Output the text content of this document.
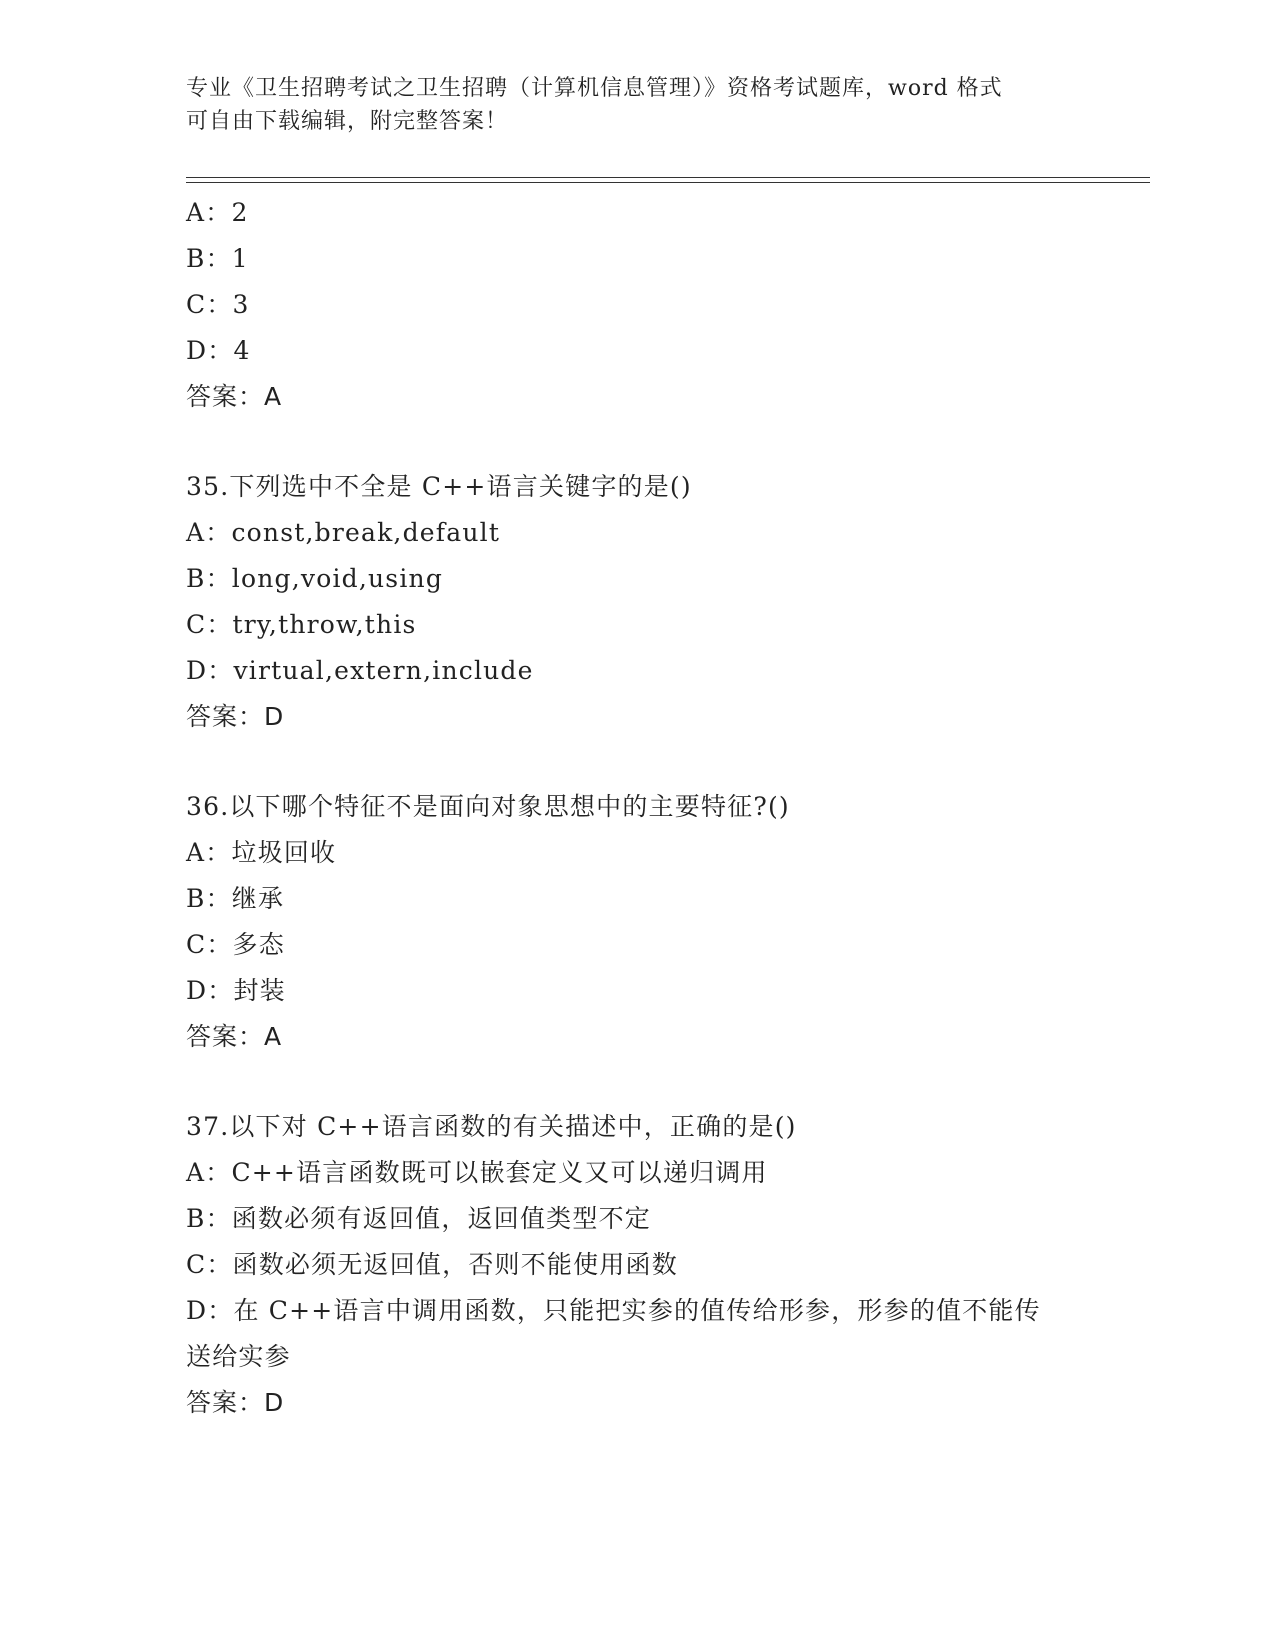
专业《卫生招聘考试之卫生招聘（计算机信息管理）》资格考试题库，word 格式
可自由下载编辑，附完整答案！
A：2
B：1
C：3
D：4
答案：A
35.下列选中不全是 C++语言关键字的是()
A：const,break,default
B：long,void,using
C：try,throw,this
D：virtual,extern,include
答案：D
36.以下哪个特征不是面向对象思想中的主要特征?()
A：垃圾回收
B：继承
C：多态
D：封装
答案：A
37.以下对 C++语言函数的有关描述中，正确的是()
A：C++语言函数既可以嵌套定义又可以递归调用
B：函数必须有返回值，返回值类型不定
C：函数必须无返回值，否则不能使用函数
D：在 C++语言中调用函数，只能把实参的值传给形参，形参的值不能传送给实参
答案：D
